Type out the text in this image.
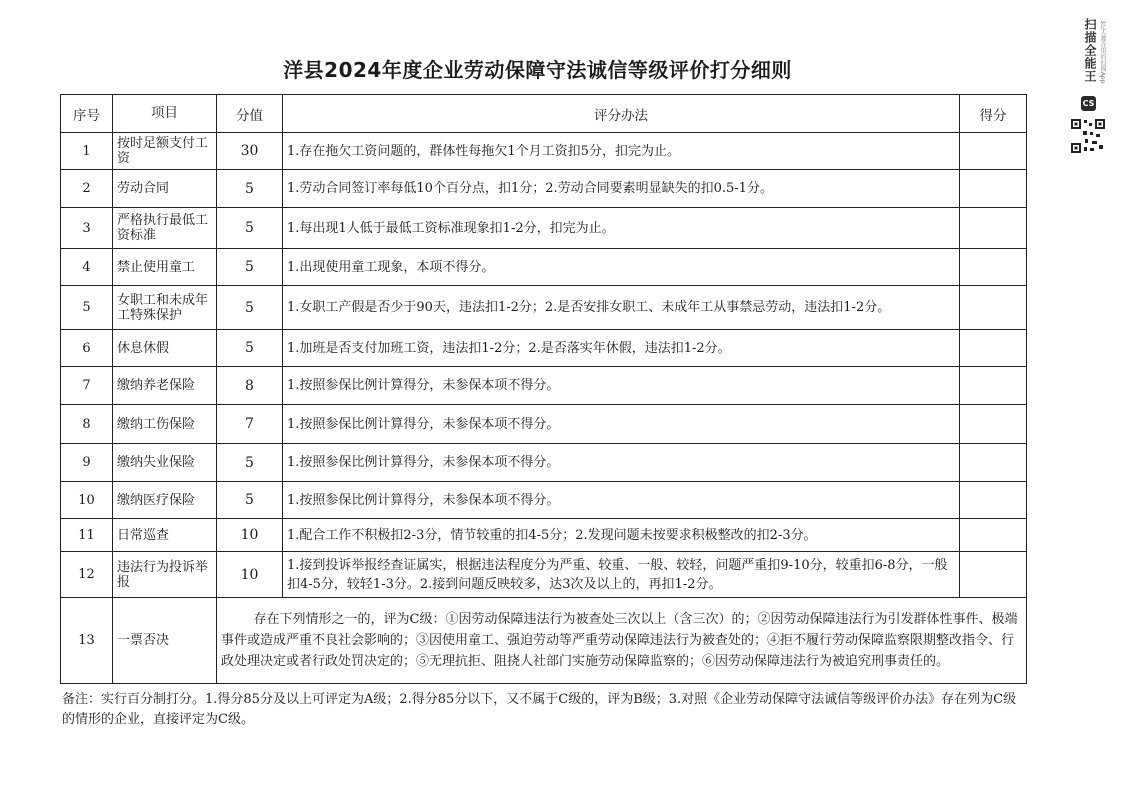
洋县2024年度企业劳动保障守法诚信等级评价打分细则
序号	项目	分值	评分办法	得分
1	按时足额支付工资	30	1.存在拖欠工资问题的，群体性每拖欠1个月工资扣5分，扣完为止。	
2	劳动合同	5	1.劳动合同签订率每低10个百分点，扣1分；2.劳动合同要素明显缺失的扣0.5-1分。	
3	严格执行最低工资标准	5	1.每出现1人低于最低工资标准现象扣1-2分，扣完为止。	
4	禁止使用童工	5	1.出现使用童工现象，本项不得分。	
5	女职工和未成年工特殊保护	5	1.女职工产假是否少于90天，违法扣1-2分；2.是否安排女职工、未成年工从事禁忌劳动，违法扣1-2分。	
6	休息休假	5	1.加班是否支付加班工资，违法扣1-2分；2.是否落实年休假，违法扣1-2分。	
7	缴纳养老保险	8	1.按照参保比例计算得分，未参保本项不得分。	
8	缴纳工伤保险	7	1.按照参保比例计算得分，未参保本项不得分。	
9	缴纳失业保险	5	1.按照参保比例计算得分，未参保本项不得分。	
10	缴纳医疗保险	5	1.按照参保比例计算得分，未参保本项不得分。	
11	日常巡查	10	1.配合工作不积极扣2-3分，情节较重的扣4-5分；2.发现问题未按要求积极整改的扣2-3分。	
12	违法行为投诉举报	10	1.接到投诉举报经查证属实，根据违法程度分为严重、较重、一般、较轻，问题严重扣9-10分，较重扣6-8分，一般扣4-5分，较轻1-3分。2.接到问题反映较多，达3次及以上的，再扣1-2分。	
13	一票否决	存在下列情形之一的，评为C级：①因劳动保障违法行为被查处三次以上（含三次）的；②因劳动保障违法行为引发群体性事件、极端事件或造成严重不良社会影响的；③因使用童工、强迫劳动等严重劳动保障违法行为被查处的；④拒不履行劳动保障监察限期整改指令、行政处理决定或者行政处罚决定的；⑤无理抗拒、阻挠人社部门实施劳动保障监察的；⑥因劳动保障违法行为被追究刑事责任的。		
备注：实行百分制打分。1.得分85分及以上可评定为A级；2.得分85分以下，又不属于C级的，评为B级；3.对照《企业劳动保障守法诚信等级评价办法》存在列为C级的情形的企业，直接评定为C级。
扫描全能王 3亿人都在用的扫描App
CS
